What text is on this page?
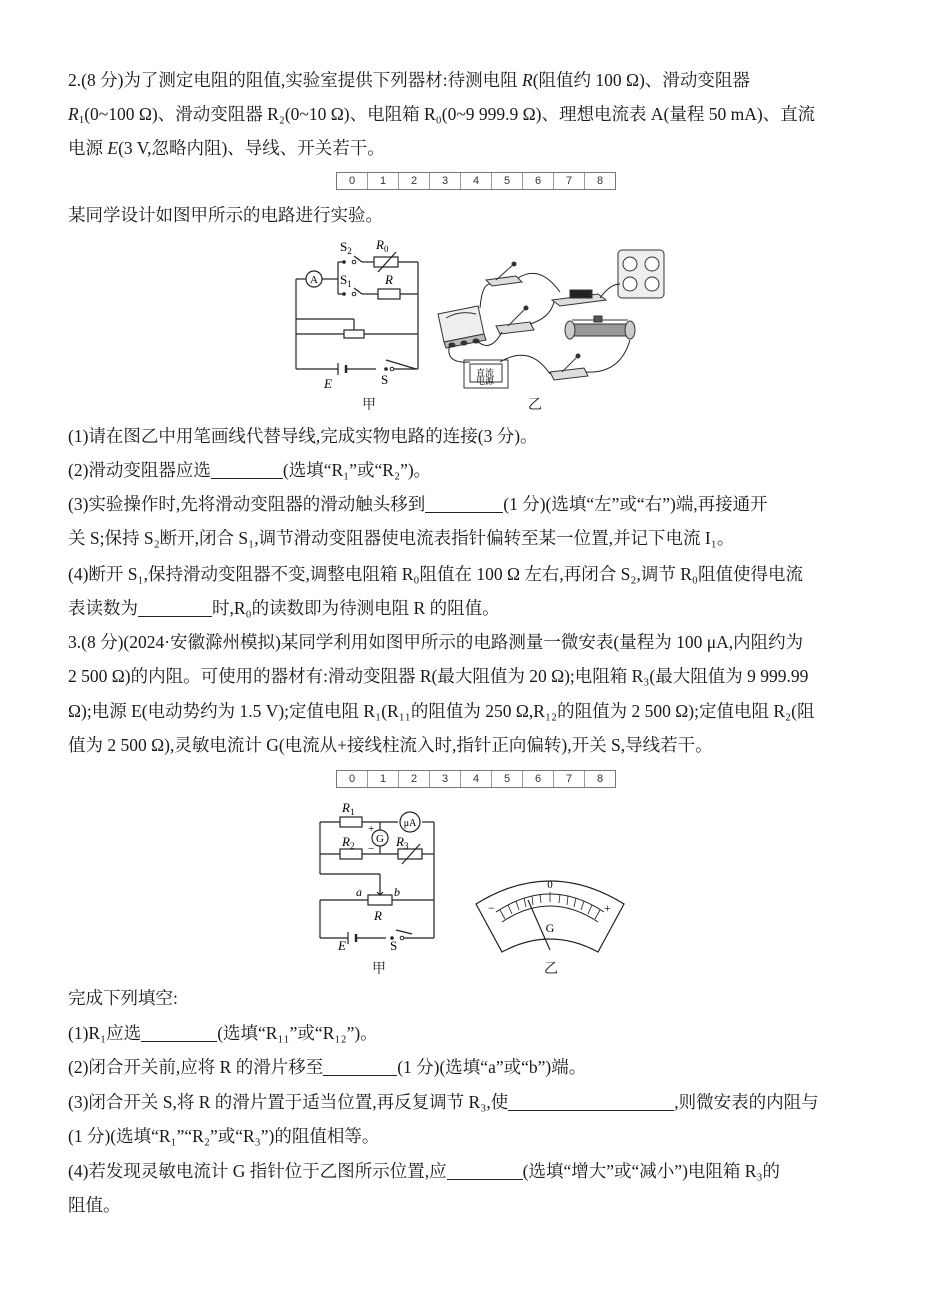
2.(8 分)为了测定电阻的阻值,实验室提供下列器材:待测电阻 R(阻值约 100 Ω)、滑动变阻器
$R_1(0\sim 100$ Ω)、滑动变阻器 R₂(0~10 Ω)、电阻箱 R₀(0~9 999.9 Ω)、理想电流表 A(量程 50 mA)、直流
电源 E(3 V,忽略内阻)、导线、开关若干。
0	1	2	3	4	5	6	7	8
某同学设计如图甲所示的电路进行实验。
A
$S_2$ $R_0$
$S_1$	R
E	S
甲
直流
电源
乙
(1)请在图乙中用笔画线代替导线,完成实物电路的连接(3 分)。
(2)滑动变阻器应选	(选填“R₁”或“R₂”)。
(3)实验操作时,先将滑动变阻器的滑动触头移到	(1 分)(选填“左”或“右”)端,再接通开
关 S;保持 S₂断开,闭合 S₁,调节滑动变阻器使电流表指针偏转至某一位置,并记下电流 I₁。
(4)断开 S₁,保持滑动变阻器不变,调整电阻箱 R₀阻值在 100 Ω 左右,再闭合 S₂,调节 R₀阻值使得电流
表读数为	时,R₀的读数即为待测电阻 R 的阻值。
3.(8 分)(2024·安徽滁州模拟)某同学利用如图甲所示的电路测量一微安表(量程为 100 μA,内阻约为
2 500 Ω)的内阻。可使用的器材有:滑动变阻器 R(最大阻值为 20 Ω);电阻箱 R₃(最大阻值为 9 999.99
Ω);电源 E(电动势约为 1.5 V);定值电阻 R₁(R₁₁的阻值为 250 Ω,R₁₂的阻值为 2 500 Ω);定值电阻 R₂(阻
值为 2 500 Ω),灵敏电流计 G(电流从+接线柱流入时,指针正向偏转),开关 S,导线若干。
0	1	2	3	4	5	6	7	8
μA
G
$R_1$
+
−
$R_2$	$R_3$
a	b
R
E	S
甲
0
−	+
G
乙
完成下列填空:
(1)R₁应选	(选填“R₁₁”或“R₁₂”)。
(2)闭合开关前,应将 R 的滑片移至	(1 分)(选填“a”或“b”)端。
(3)闭合开关 S,将 R 的滑片置于适当位置,再反复调节 R₃,使	,则微安表的内阻与
(1 分)(选填“R₁”“R₂”或“R₃”)的阻值相等。
(4)若发现灵敏电流计 G 指针位于乙图所示位置,应	(选填“增大”或“减小”)电阻箱 R₃的
阻值。
